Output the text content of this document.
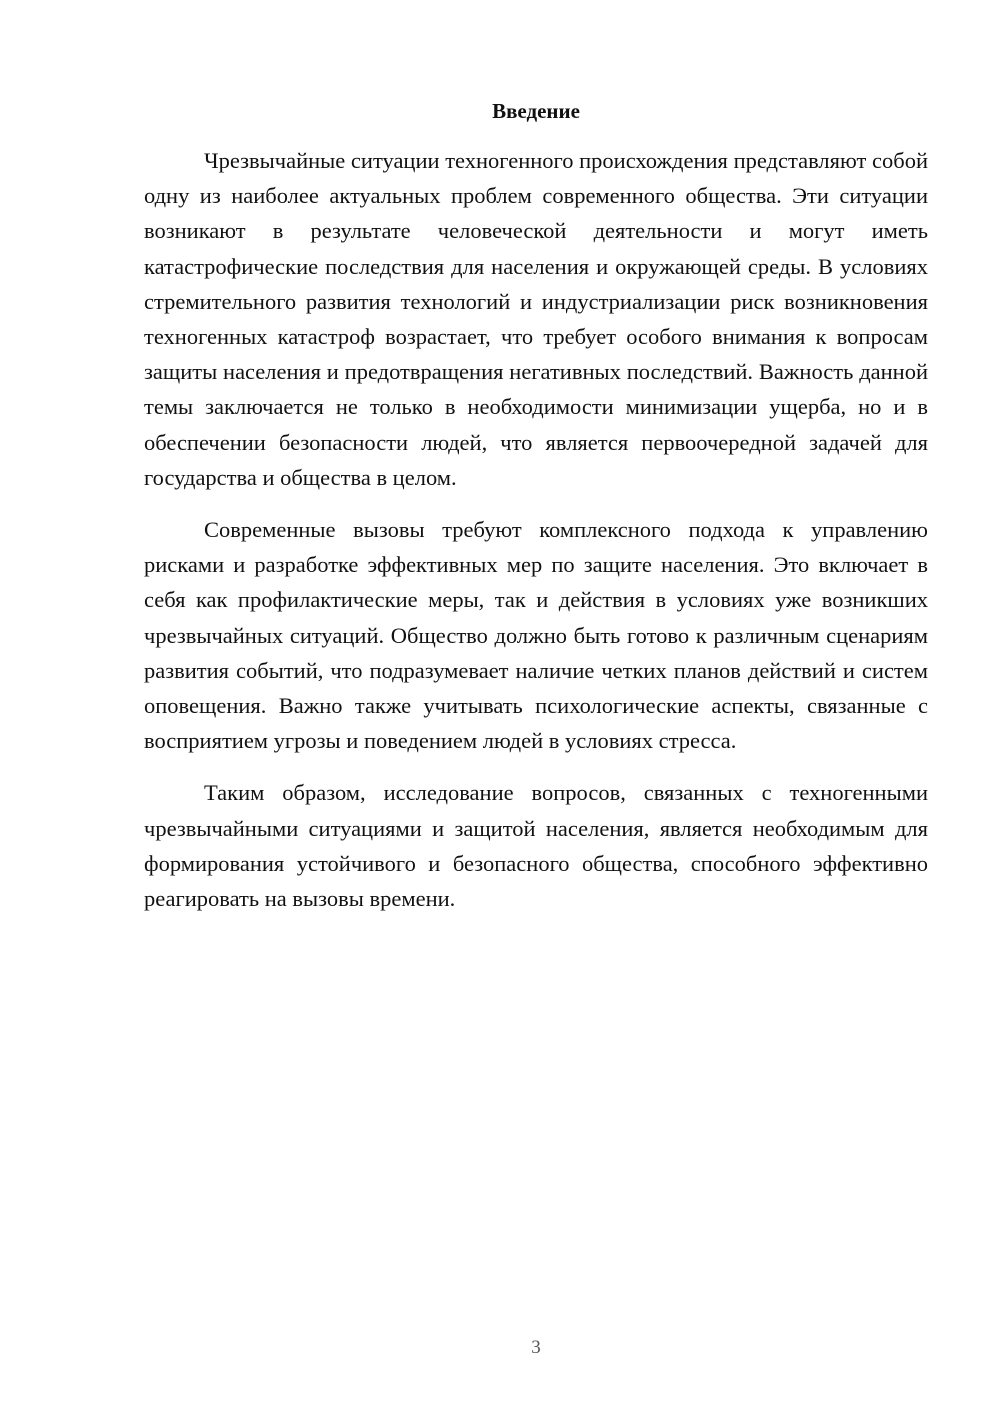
Введение

Чрезвычайные ситуации техногенного происхождения представляют собой одну из наиболее актуальных проблем современного общества. Эти ситуации возникают в результате человеческой деятельности и могут иметь катастрофические последствия для населения и окружающей среды. В условиях стремительного развития технологий и индустриализации риск возникновения техногенных катастроф возрастает, что требует особого внимания к вопросам защиты населения и предотвращения негативных последствий. Важность данной темы заключается не только в необходимости минимизации ущерба, но и в обеспечении безопасности людей, что является первоочередной задачей для государства и общества в целом.

Современные вызовы требуют комплексного подхода к управлению рисками и разработке эффективных мер по защите населения. Это включает в себя как профилактические меры, так и действия в условиях уже возникших чрезвычайных ситуаций. Общество должно быть готово к различным сценариям развития событий, что подразумевает наличие четких планов действий и систем оповещения. Важно также учитывать психологические аспекты, связанные с восприятием угрозы и поведением людей в условиях стресса.

Таким образом, исследование вопросов, связанных с техногенными чрезвычайными ситуациями и защитой населения, является необходимым для формирования устойчивого и безопасного общества, способного эффективно реагировать на вызовы времени.

3
